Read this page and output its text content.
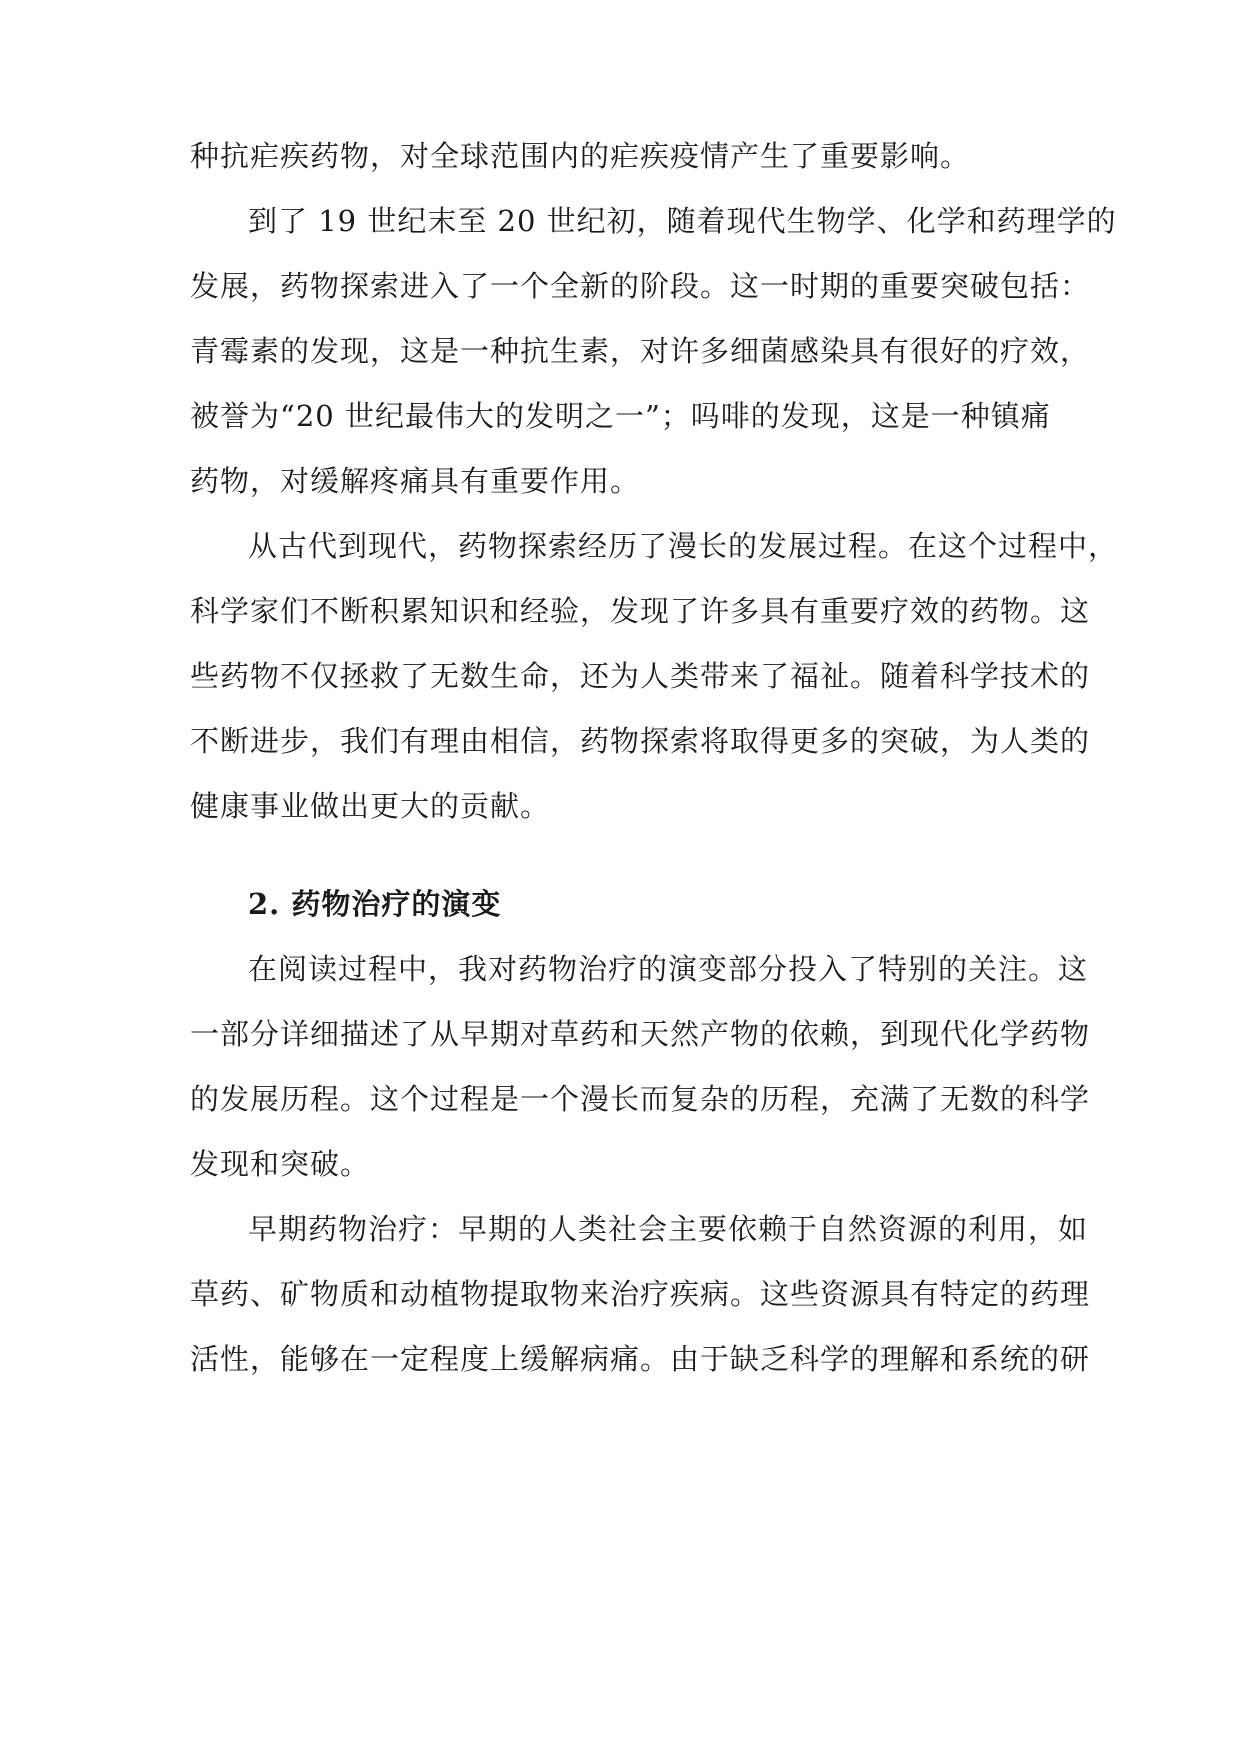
种抗疟疾药物，对全球范围内的疟疾疫情产生了重要影响。
到了 19 世纪末至 20 世纪初，随着现代生物学、化学和药理学的
发展，药物探索进入了一个全新的阶段。这一时期的重要突破包括：
青霉素的发现，这是一种抗生素，对许多细菌感染具有很好的疗效，
被誉为“20 世纪最伟大的发明之一”；吗啡的发现，这是一种镇痛
药物，对缓解疼痛具有重要作用。
从古代到现代，药物探索经历了漫长的发展过程。在这个过程中，
科学家们不断积累知识和经验，发现了许多具有重要疗效的药物。这
些药物不仅拯救了无数生命，还为人类带来了福祉。随着科学技术的
不断进步，我们有理由相信，药物探索将取得更多的突破，为人类的
健康事业做出更大的贡献。
2. 药物治疗的演变
在阅读过程中，我对药物治疗的演变部分投入了特别的关注。这
一部分详细描述了从早期对草药和天然产物的依赖，到现代化学药物
的发展历程。这个过程是一个漫长而复杂的历程，充满了无数的科学
发现和突破。
早期药物治疗：早期的人类社会主要依赖于自然资源的利用，如
草药、矿物质和动植物提取物来治疗疾病。这些资源具有特定的药理
活性，能够在一定程度上缓解病痛。由于缺乏科学的理解和系统的研
